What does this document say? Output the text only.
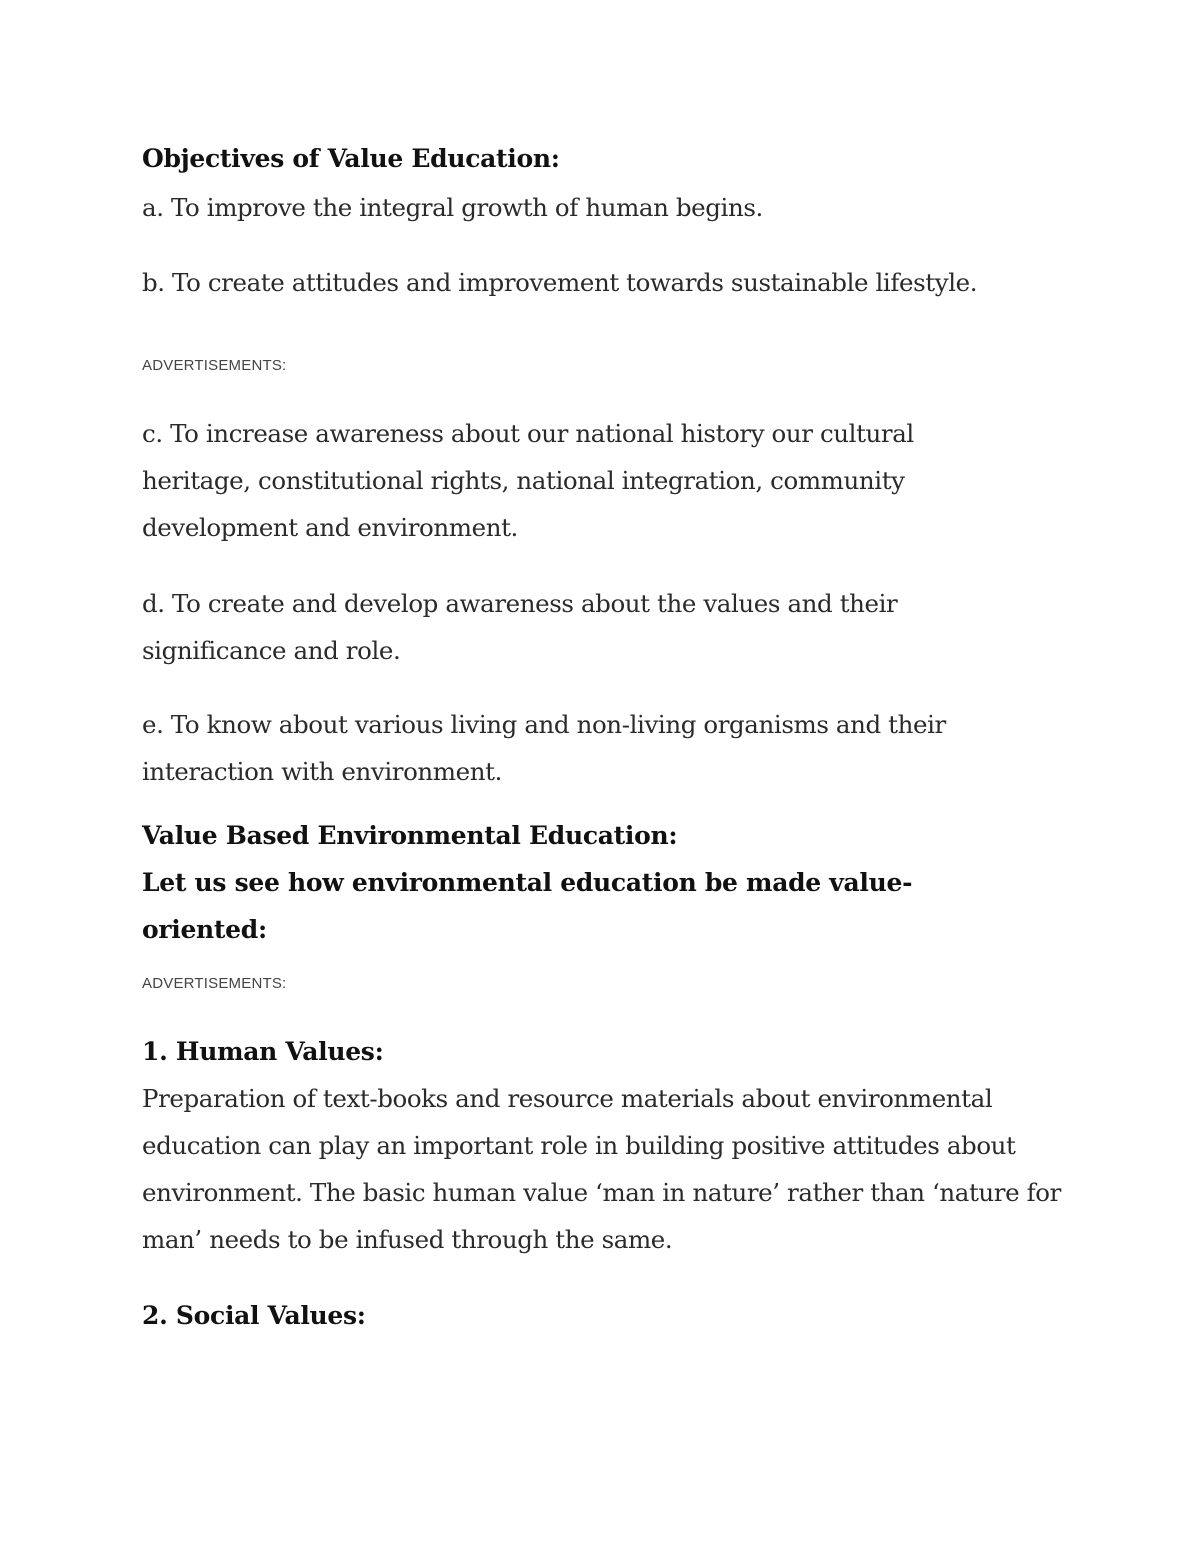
Objectives of Value Education:

a. To improve the integral growth of human begins.

b. To create attitudes and improvement towards sustainable lifestyle.

ADVERTISEMENTS:

c. To increase awareness about our national history our cultural heritage, constitutional rights, national integration, community development and environment.

d. To create and develop awareness about the values and their significance and role.

e. To know about various living and non-living organisms and their interaction with environment.

Value Based Environmental Education:
Let us see how environmental education be made value-oriented:
ADVERTISEMENTS:
1. Human Values:

Preparation of text-books and resource materials about environmental education can play an important role in building positive attitudes about environment. The basic human value ‘man in nature’ rather than ‘nature for man’ needs to be infused through the same.

2. Social Values:
